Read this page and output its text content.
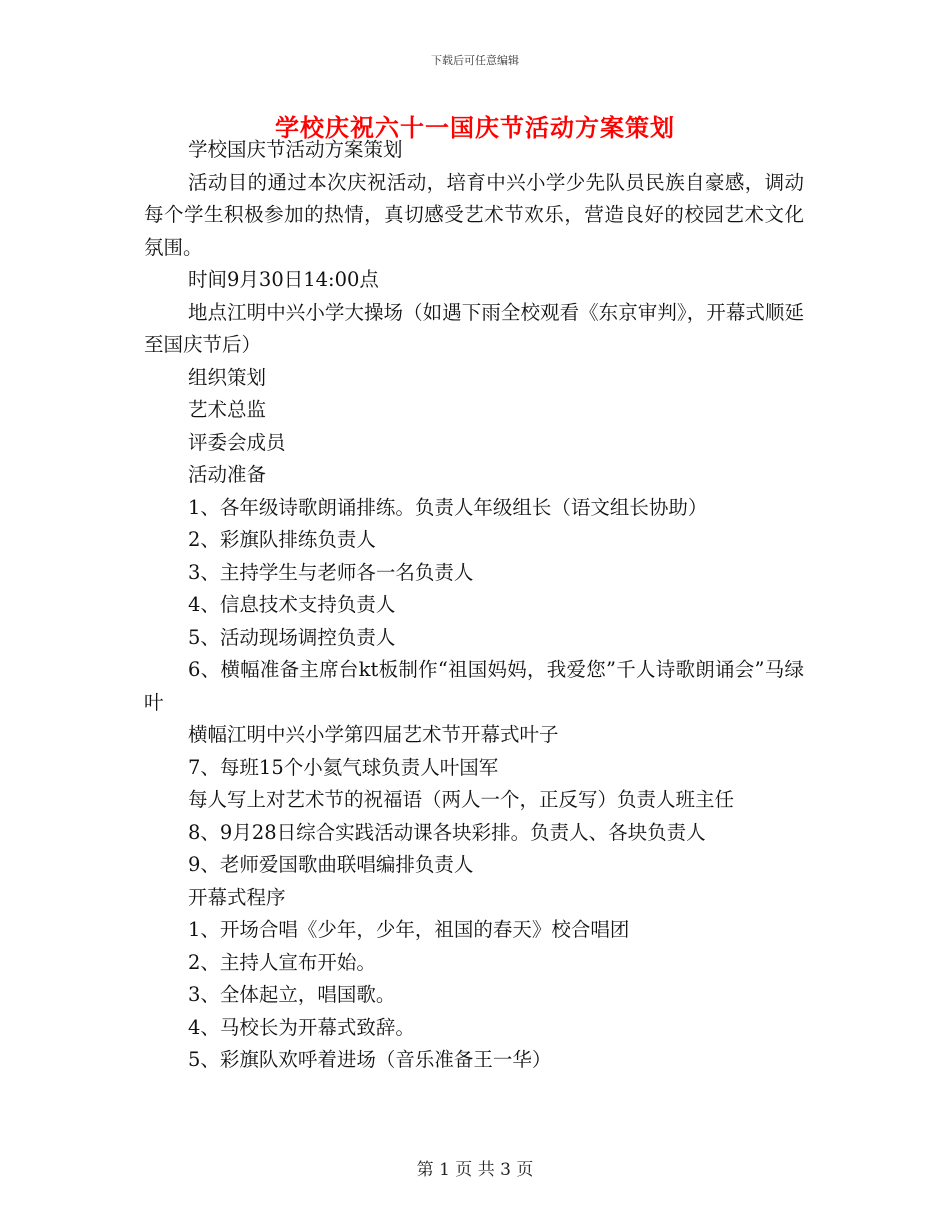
下载后可任意编辑
学校庆祝六十一国庆节活动方案策划

学校国庆节活动方案策划

活动目的通过本次庆祝活动，培育中兴小学少先队员民族自豪感，调动每个学生积极参加的热情，真切感受艺术节欢乐，营造良好的校园艺术文化氛围。

时间9月30日14:00点

地点江明中兴小学大操场（如遇下雨全校观看《东京审判》，开幕式顺延至国庆节后）

组织策划

艺术总监

评委会成员

活动准备

1、各年级诗歌朗诵排练。负责人年级组长（语文组长协助）

2、彩旗队排练负责人

3、主持学生与老师各一名负责人

4、信息技术支持负责人

5、活动现场调控负责人

6、横幅准备主席台kt板制作“祖国妈妈，我爱您”千人诗歌朗诵会”马绿叶

横幅江明中兴小学第四届艺术节开幕式叶子

7、每班15个小氦气球负责人叶国军

每人写上对艺术节的祝福语（两人一个，正反写）负责人班主任

8、9月28日综合实践活动课各块彩排。负责人、各块负责人

9、老师爱国歌曲联唱编排负责人

开幕式程序

1、开场合唱《少年，少年，祖国的春天》校合唱团

2、主持人宣布开始。

3、全体起立，唱国歌。

4、马校长为开幕式致辞。

5、彩旗队欢呼着进场（音乐准备王一华）

第 1 页 共 3 页
